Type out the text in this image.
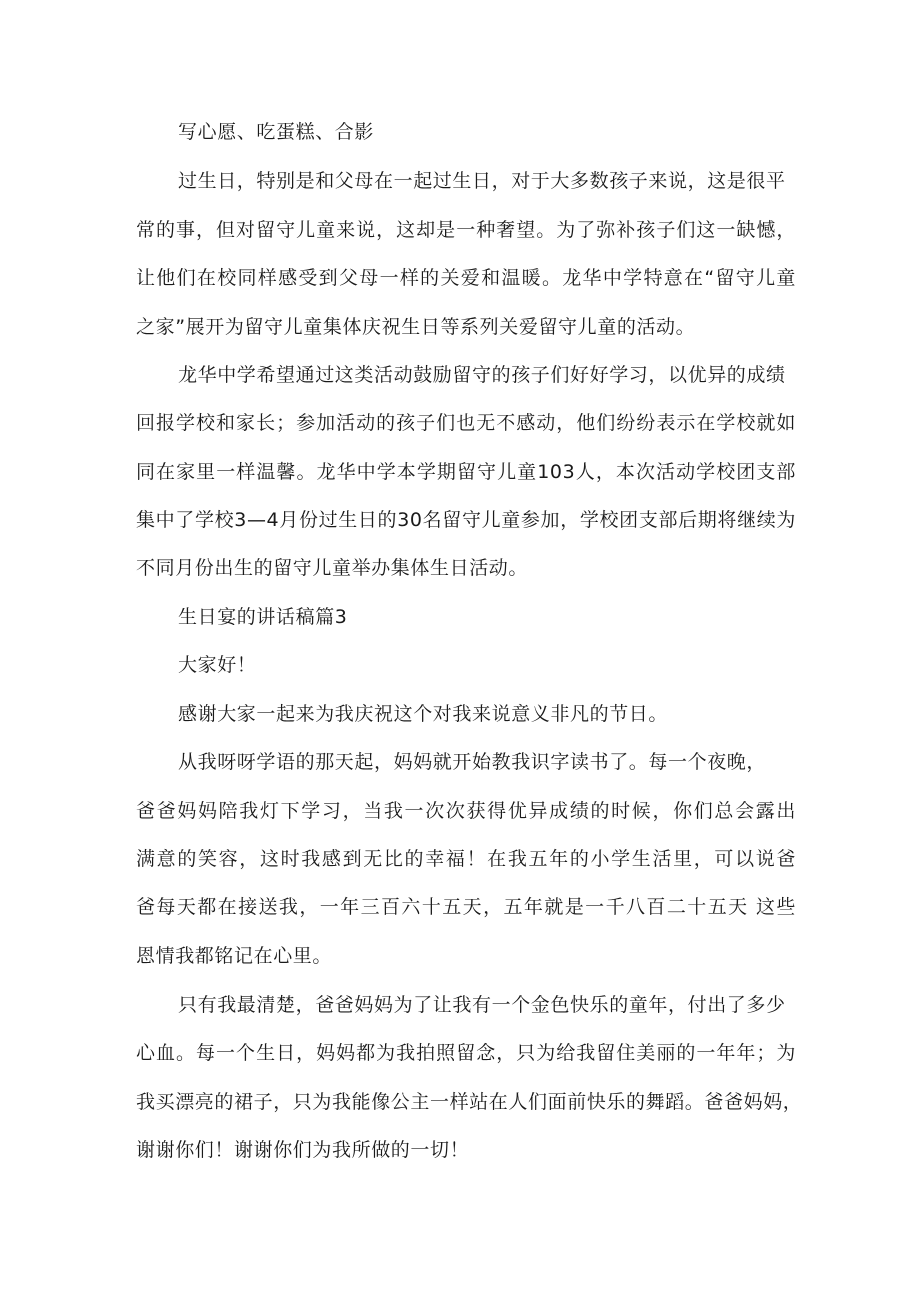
写心愿、吃蛋糕、合影
过生日，特别是和父母在一起过生日，对于大多数孩子来说，这是很平
常的事，但对留守儿童来说，这却是一种奢望。为了弥补孩子们这一缺憾，
让他们在校同样感受到父母一样的关爱和温暖。龙华中学特意在“留守儿童
之家”展开为留守儿童集体庆祝生日等系列关爱留守儿童的活动。
龙华中学希望通过这类活动鼓励留守的孩子们好好学习，以优异的成绩
回报学校和家长；参加活动的孩子们也无不感动，他们纷纷表示在学校就如
同在家里一样温馨。龙华中学本学期留守儿童103人，本次活动学校团支部
集中了学校3—4月份过生日的30名留守儿童参加，学校团支部后期将继续为
不同月份出生的留守儿童举办集体生日活动。
生日宴的讲话稿篇3
大家好！
感谢大家一起来为我庆祝这个对我来说意义非凡的节日。
从我呀呀学语的那天起，妈妈就开始教我识字读书了。每一个夜晚，
爸爸妈妈陪我灯下学习，当我一次次获得优异成绩的时候，你们总会露出
满意的笑容，这时我感到无比的幸福！在我五年的小学生活里，可以说爸
爸每天都在接送我，一年三百六十五天，五年就是一千八百二十五天 这些
恩情我都铭记在心里。
只有我最清楚，爸爸妈妈为了让我有一个金色快乐的童年，付出了多少
心血。每一个生日，妈妈都为我拍照留念，只为给我留住美丽的一年年；为
我买漂亮的裙子，只为我能像公主一样站在人们面前快乐的舞蹈。爸爸妈妈，
谢谢你们！谢谢你们为我所做的一切！
